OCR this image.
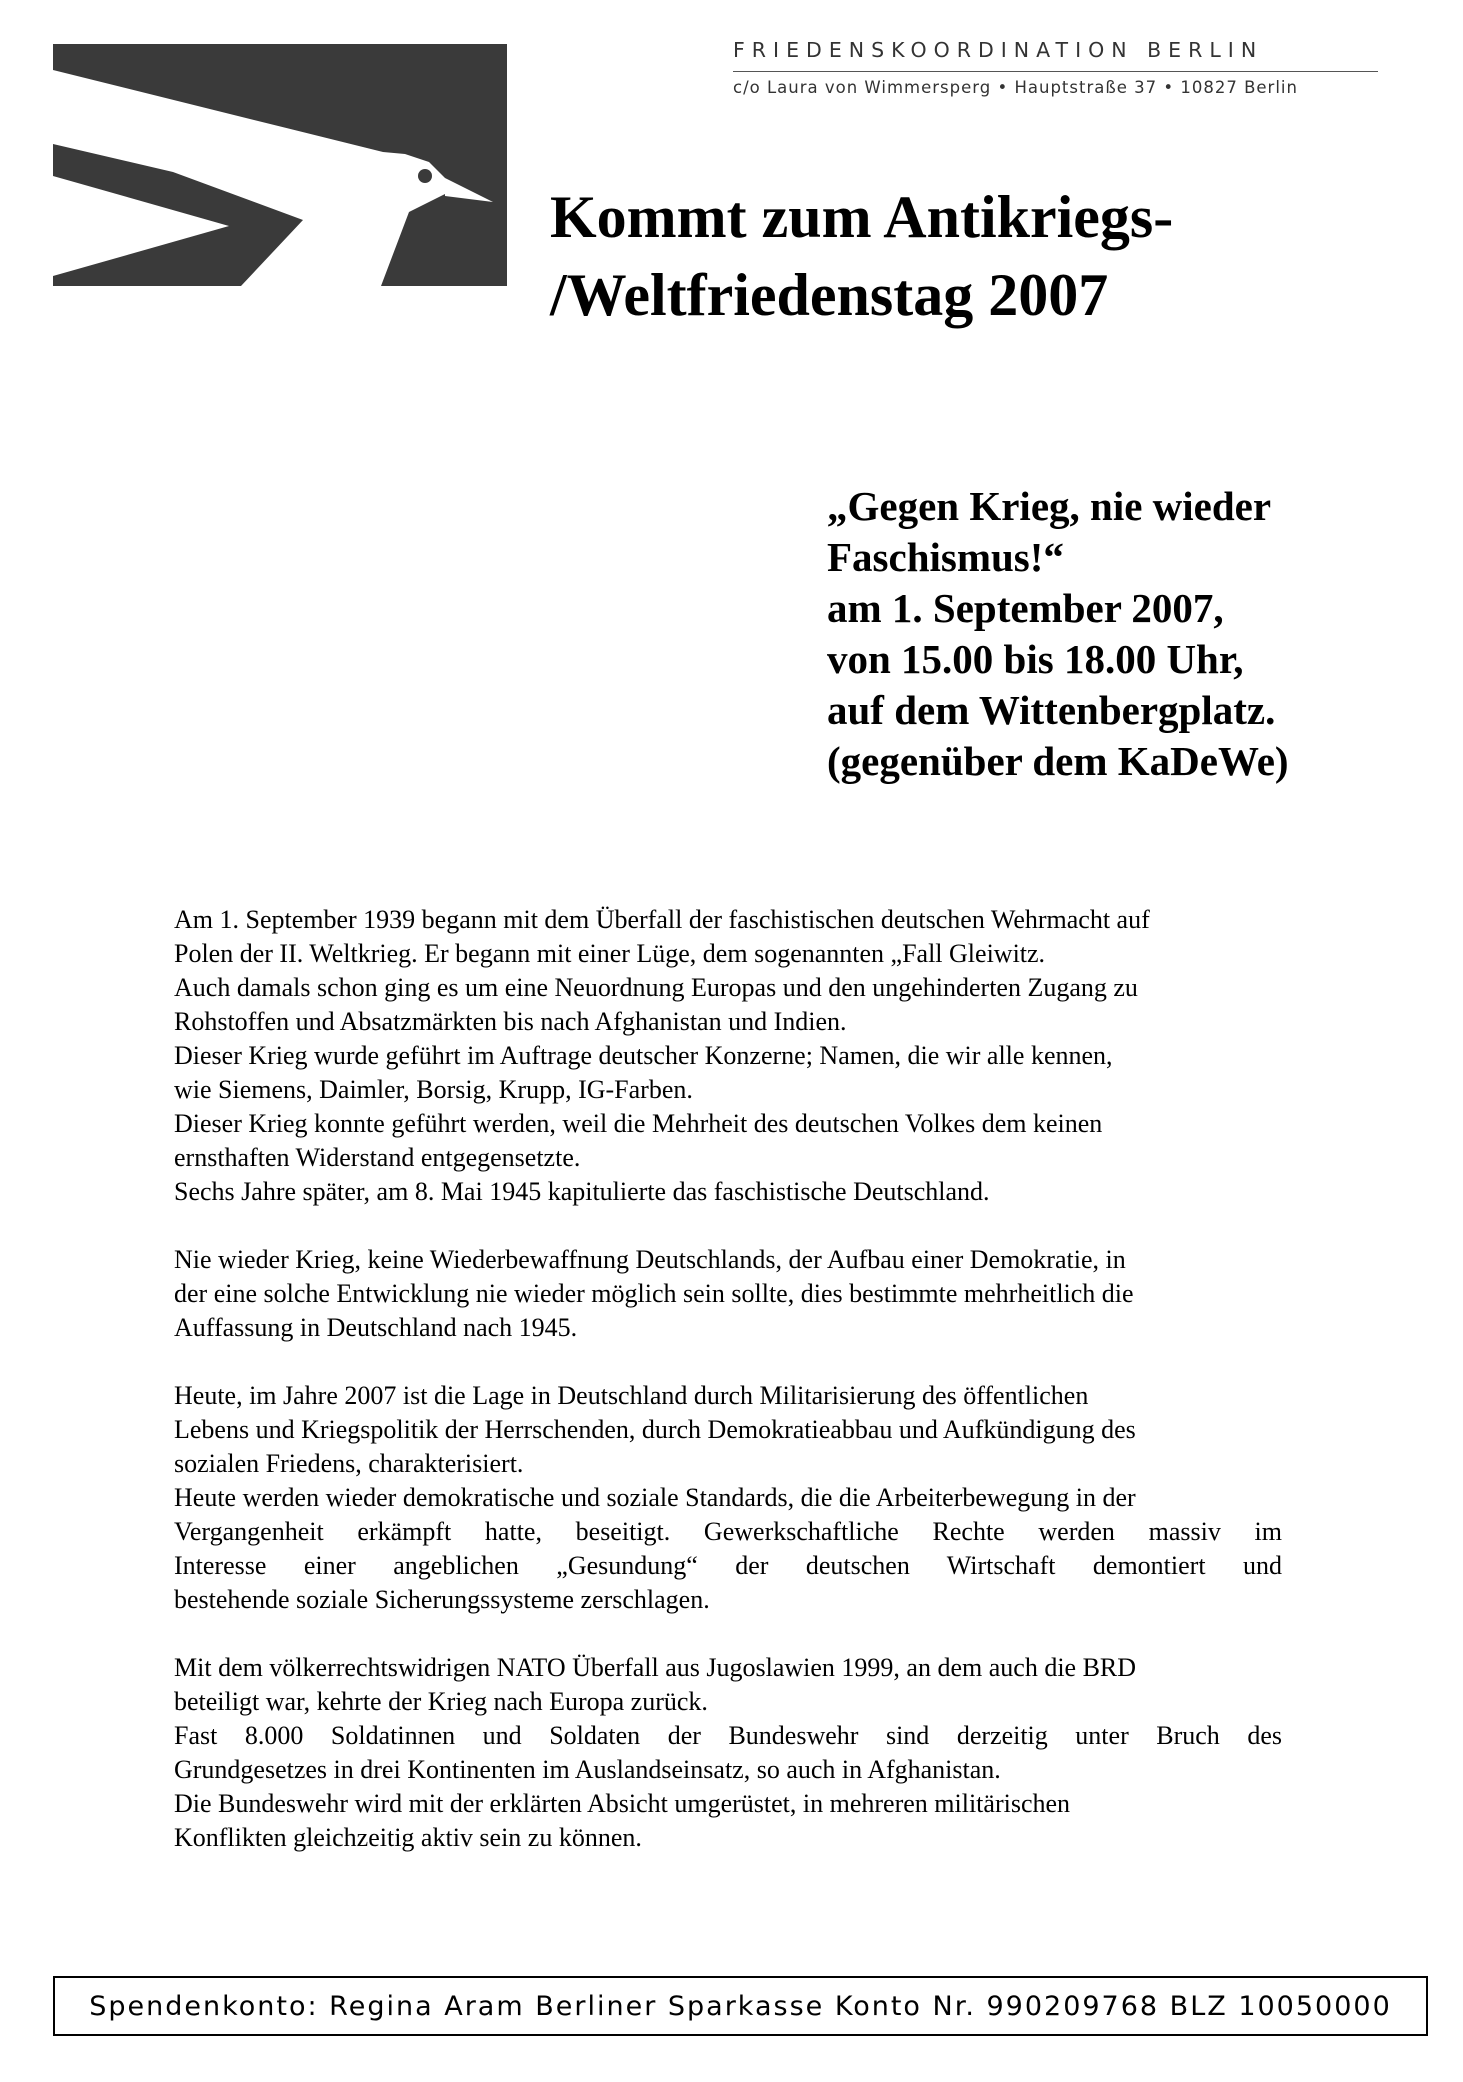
FRIEDENSKOORDINATION BERLIN
c/o Laura von Wimmersperg • Hauptstraße 37 • 10827 Berlin
Kommt zum Antikriegs-
/Weltfriedenstag 2007
„Gegen Krieg, nie wieder
Faschismus!“
am 1. September 2007,
von 15.00 bis 18.00 Uhr,
auf dem Wittenbergplatz.
(gegenüber dem KaDeWe)
Am 1. September 1939 begann mit dem Überfall der faschistischen deutschen Wehrmacht auf
Polen der II. Weltkrieg. Er begann mit einer Lüge, dem sogenannten „Fall Gleiwitz.
Auch damals schon ging es um eine Neuordnung Europas und den ungehinderten Zugang zu
Rohstoffen und Absatzmärkten bis nach Afghanistan und Indien.
Dieser Krieg wurde geführt im Auftrage deutscher Konzerne; Namen, die wir alle kennen,
wie Siemens, Daimler, Borsig, Krupp, IG-Farben.
Dieser Krieg konnte geführt werden, weil die Mehrheit des deutschen Volkes dem keinen
ernsthaften Widerstand entgegensetzte.
Sechs Jahre später, am 8. Mai 1945 kapitulierte das faschistische Deutschland.
Nie wieder Krieg, keine Wiederbewaffnung Deutschlands, der Aufbau einer Demokratie, in
der eine solche Entwicklung nie wieder möglich sein sollte, dies bestimmte mehrheitlich die
Auffassung in Deutschland nach 1945.
Heute, im Jahre 2007 ist die Lage in Deutschland durch Militarisierung des öffentlichen
Lebens und Kriegspolitik der Herrschenden, durch Demokratieabbau und Aufkündigung des
sozialen Friedens, charakterisiert.
Heute werden wieder demokratische und soziale Standards, die die Arbeiterbewegung in der
Vergangenheit erkämpft hatte, beseitigt. Gewerkschaftliche Rechte werden massiv im
Interesse einer angeblichen „Gesundung“ der deutschen Wirtschaft demontiert und
bestehende soziale Sicherungssysteme zerschlagen.
Mit dem völkerrechtswidrigen NATO Überfall aus Jugoslawien 1999, an dem auch die BRD
beteiligt war, kehrte der Krieg nach Europa zurück.
Fast 8.000 Soldatinnen und Soldaten der Bundeswehr sind derzeitig unter Bruch des
Grundgesetzes in drei Kontinenten im Auslandseinsatz, so auch in Afghanistan.
Die Bundeswehr wird mit der erklärten Absicht umgerüstet, in mehreren militärischen
Konflikten gleichzeitig aktiv sein zu können.
Spendenkonto: Regina Aram Berliner Sparkasse Konto Nr. 990209768 BLZ 10050000
